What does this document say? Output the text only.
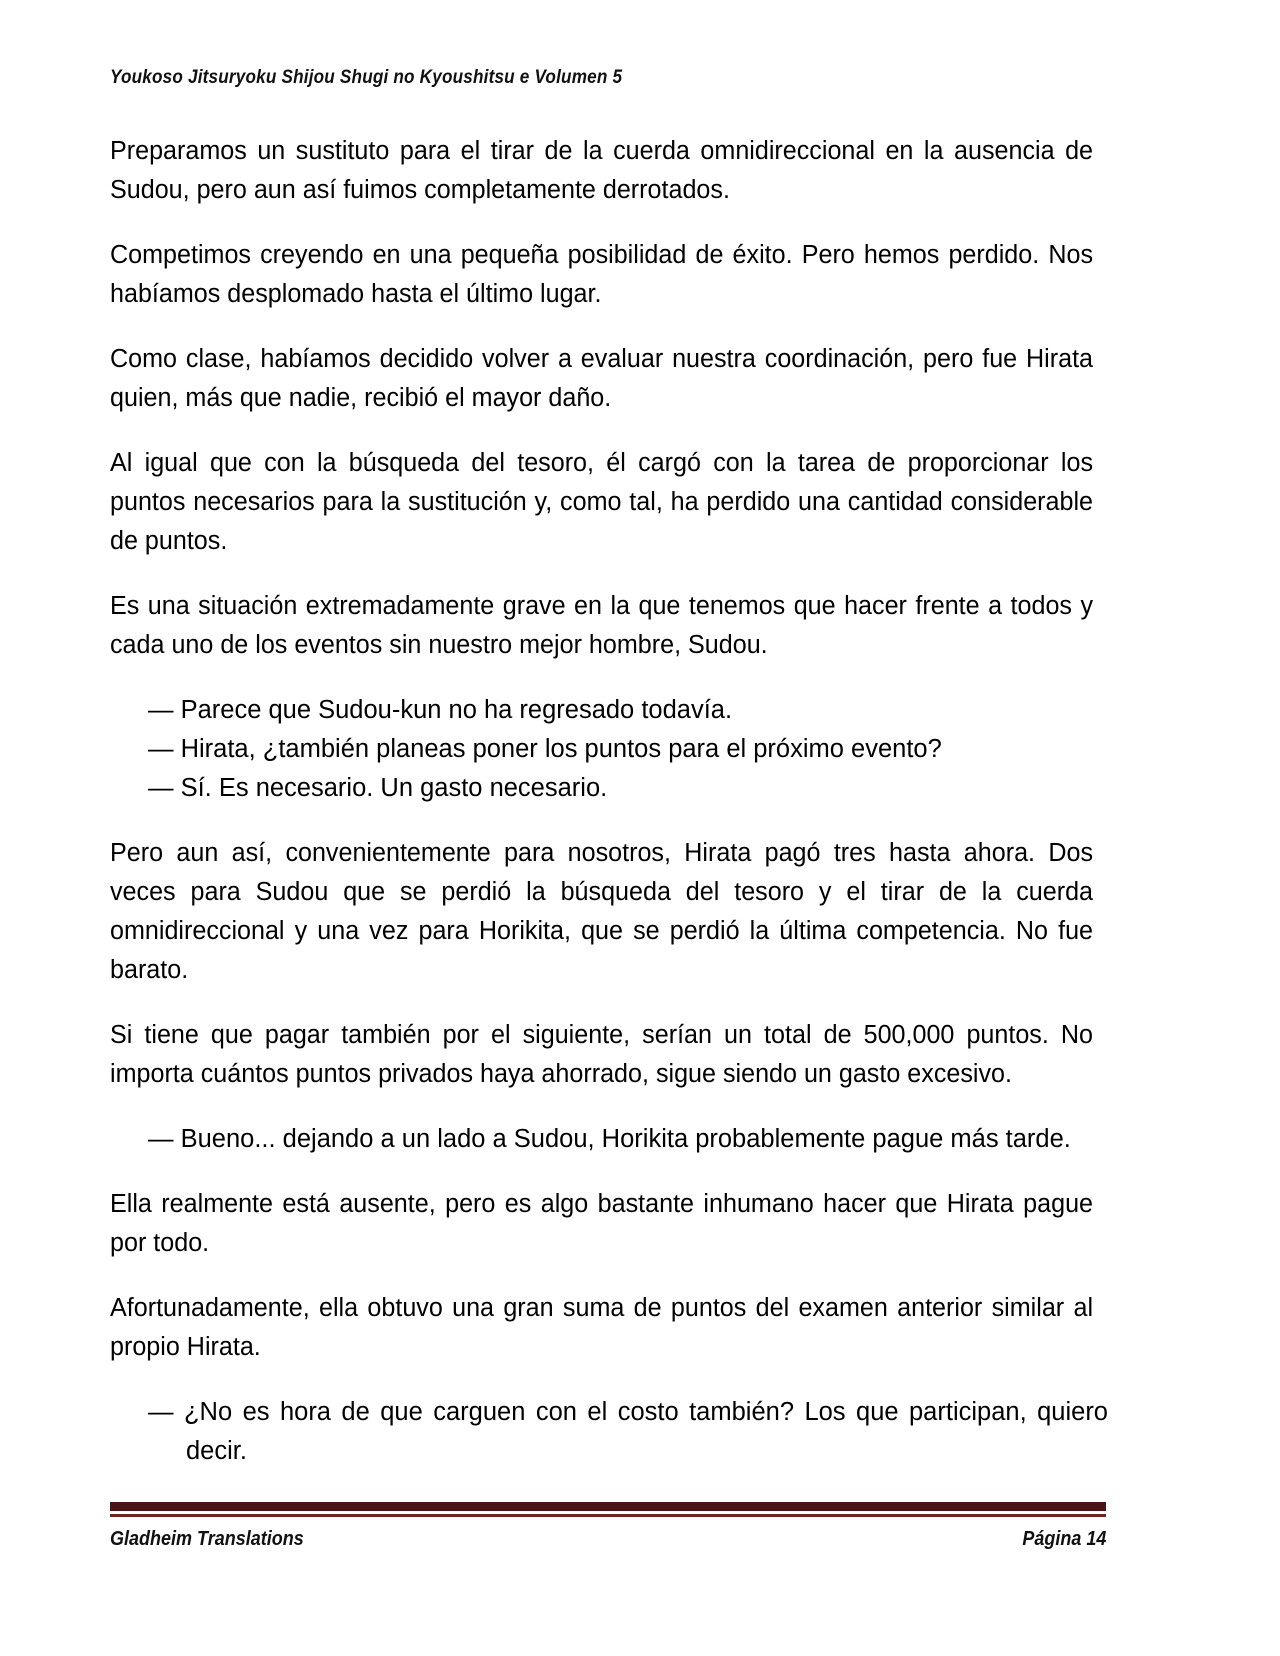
Youkoso Jitsuryoku Shijou Shugi no Kyoushitsu e Volumen 5

Preparamos un sustituto para el tirar de la cuerda omnidireccional en la ausencia de Sudou, pero aun así fuimos completamente derrotados.

Competimos creyendo en una pequeña posibilidad de éxito. Pero hemos perdido. Nos habíamos desplomado hasta el último lugar.

Como clase, habíamos decidido volver a evaluar nuestra coordinación, pero fue Hirata quien, más que nadie, recibió el mayor daño.

Al igual que con la búsqueda del tesoro, él cargó con la tarea de proporcionar los puntos necesarios para la sustitución y, como tal, ha perdido una cantidad considerable de puntos.

Es una situación extremadamente grave en la que tenemos que hacer frente a todos y cada uno de los eventos sin nuestro mejor hombre, Sudou.

— Parece que Sudou-kun no ha regresado todavía.
— Hirata, ¿también planeas poner los puntos para el próximo evento?
— Sí. Es necesario. Un gasto necesario.

Pero aun así, convenientemente para nosotros, Hirata pagó tres hasta ahora. Dos veces para Sudou que se perdió la búsqueda del tesoro y el tirar de la cuerda omnidireccional y una vez para Horikita, que se perdió la última competencia. No fue barato.

Si tiene que pagar también por el siguiente, serían un total de 500,000 puntos. No importa cuántos puntos privados haya ahorrado, sigue siendo un gasto excesivo.

— Bueno... dejando a un lado a Sudou, Horikita probablemente pague más tarde.

Ella realmente está ausente, pero es algo bastante inhumano hacer que Hirata pague por todo.

Afortunadamente, ella obtuvo una gran suma de puntos del examen anterior similar al propio Hirata.

— ¿No es hora de que carguen con el costo también? Los que participan, quiero decir.
Gladheim Translations	Página 14
